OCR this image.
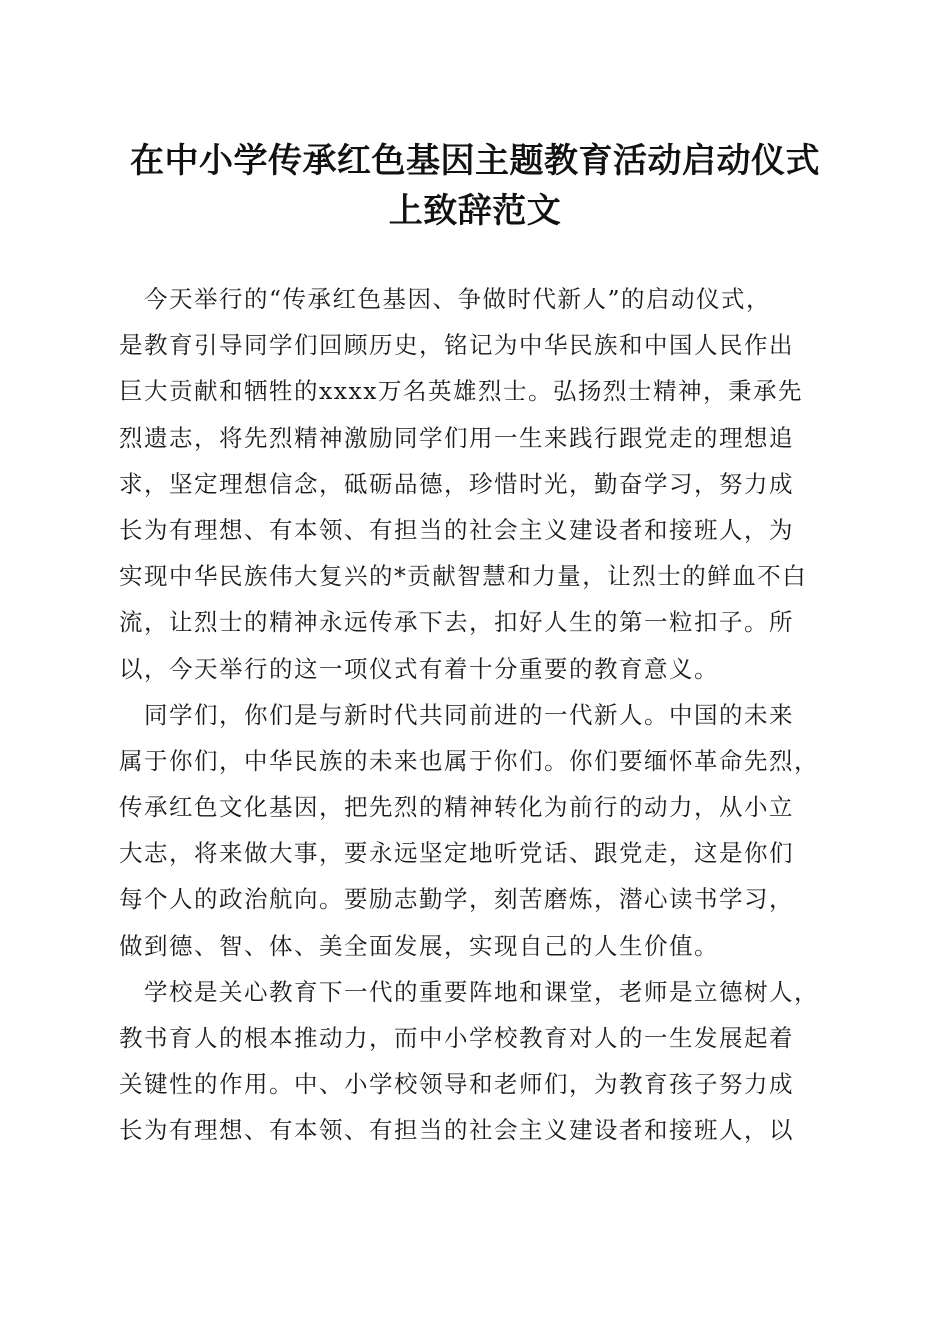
在中小学传承红色基因主题教育活动启动仪式
上致辞范文
　今天举行的“传承红色基因、争做时代新人”的启动仪式，
是教育引导同学们回顾历史，铭记为中华民族和中国人民作出
巨大贡献和牺牲的xxxx万名英雄烈士。弘扬烈士精神，秉承先
烈遗志，将先烈精神激励同学们用一生来践行跟党走的理想追
求，坚定理想信念，砥砺品德，珍惜时光，勤奋学习，努力成
长为有理想、有本领、有担当的社会主义建设者和接班人，为
实现中华民族伟大复兴的*贡献智慧和力量，让烈士的鲜血不白
流，让烈士的精神永远传承下去，扣好人生的第一粒扣子。所
以，今天举行的这一项仪式有着十分重要的教育意义。
　同学们，你们是与新时代共同前进的一代新人。中国的未来
属于你们，中华民族的未来也属于你们。你们要缅怀革命先烈，
传承红色文化基因，把先烈的精神转化为前行的动力，从小立
大志，将来做大事，要永远坚定地听党话、跟党走，这是你们
每个人的政治航向。要励志勤学，刻苦磨炼，潜心读书学习，
做到德、智、体、美全面发展，实现自己的人生价值。
　学校是关心教育下一代的重要阵地和课堂，老师是立德树人，
教书育人的根本推动力，而中小学校教育对人的一生发展起着
关键性的作用。中、小学校领导和老师们，为教育孩子努力成
长为有理想、有本领、有担当的社会主义建设者和接班人，以
